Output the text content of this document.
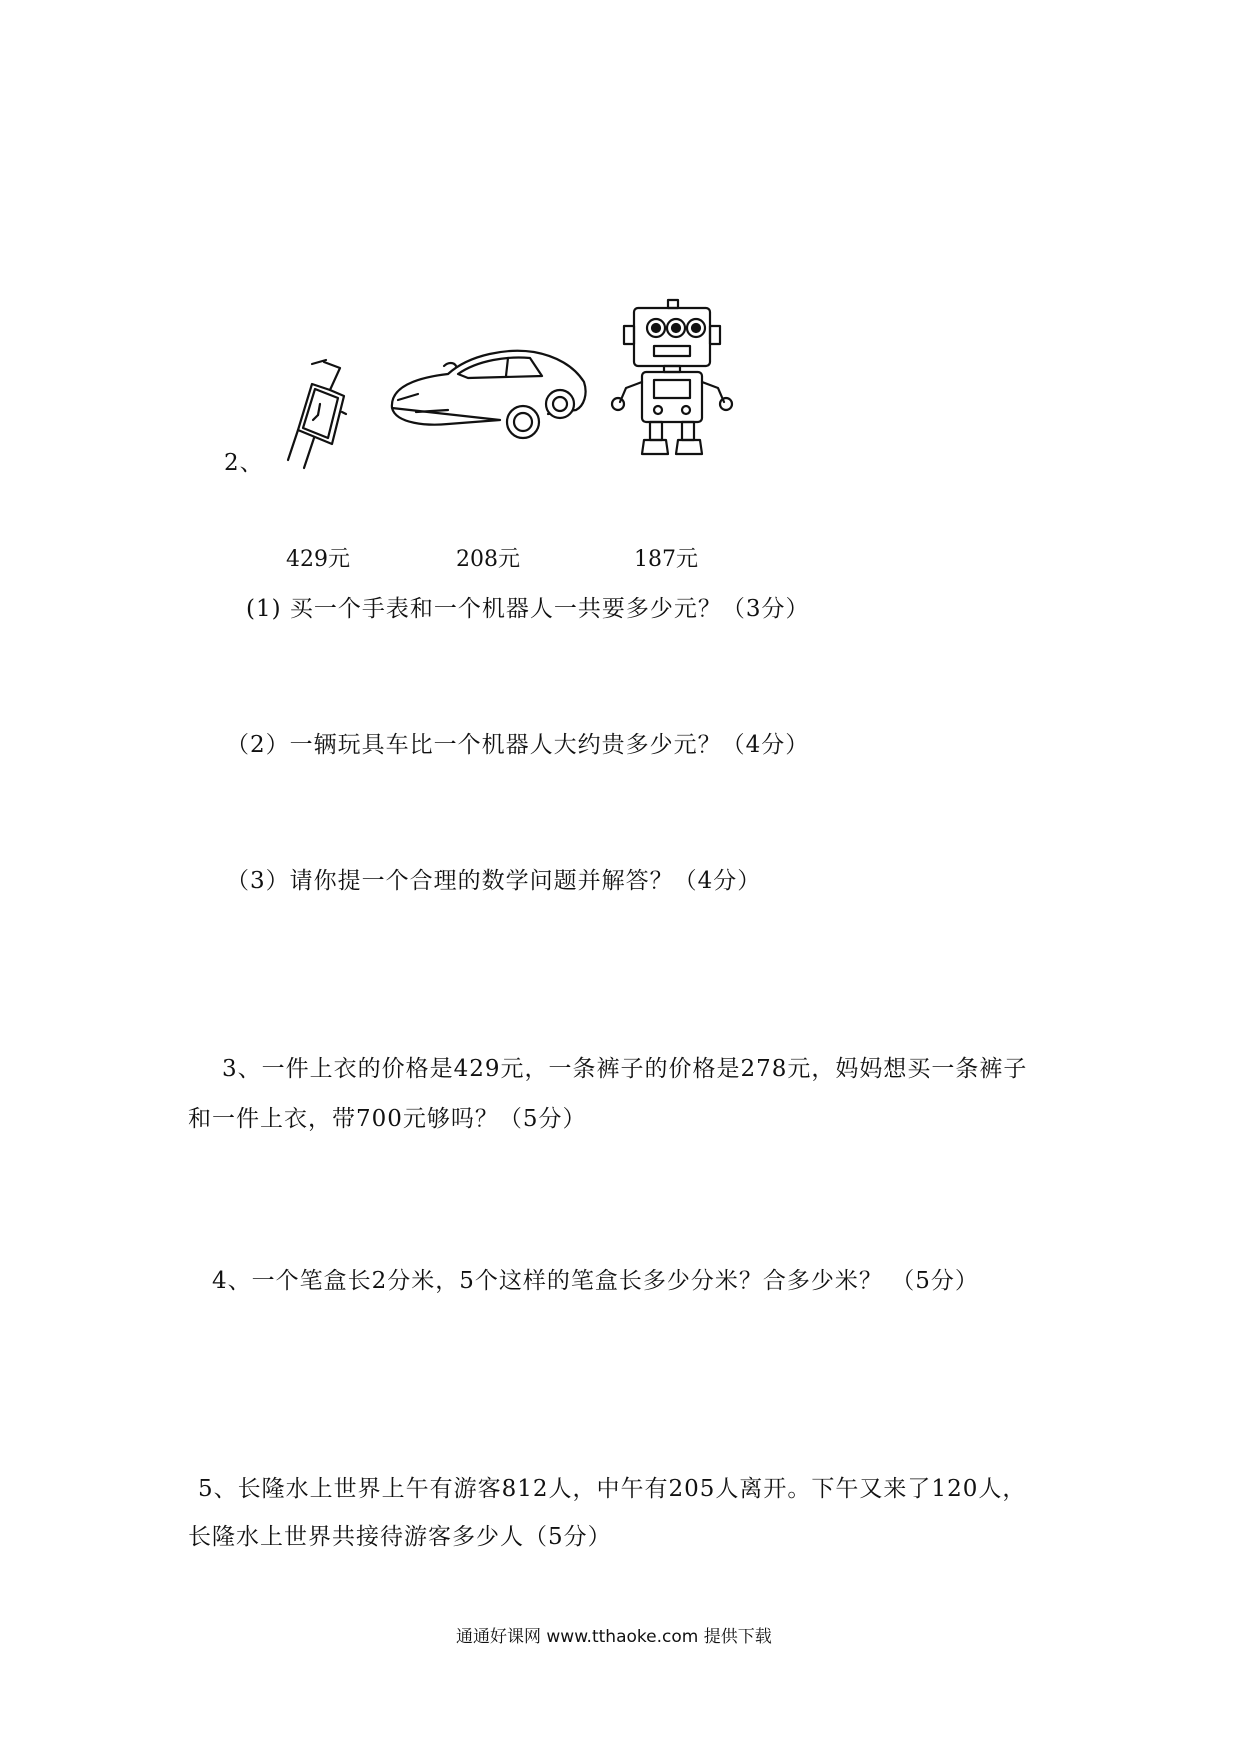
2、
429元	208元	187元
(1) 买一个手表和一个机器人一共要多少元？（3分）
（2）一辆玩具车比一个机器人大约贵多少元？（4分）
（3）请你提一个合理的数学问题并解答？（4分）
3、一件上衣的价格是429元，一条裤子的价格是278元，妈妈想买一条裤子
和一件上衣，带700元够吗？（5分）
4、一个笔盒长2分米，5个这样的笔盒长多少分米？合多少米？ （5分）
5、长隆水上世界上午有游客812人，中午有205人离开。下午又来了120人，
长隆水上世界共接待游客多少人（5分）
通通好课网 www.tthaoke.com 提供下载
